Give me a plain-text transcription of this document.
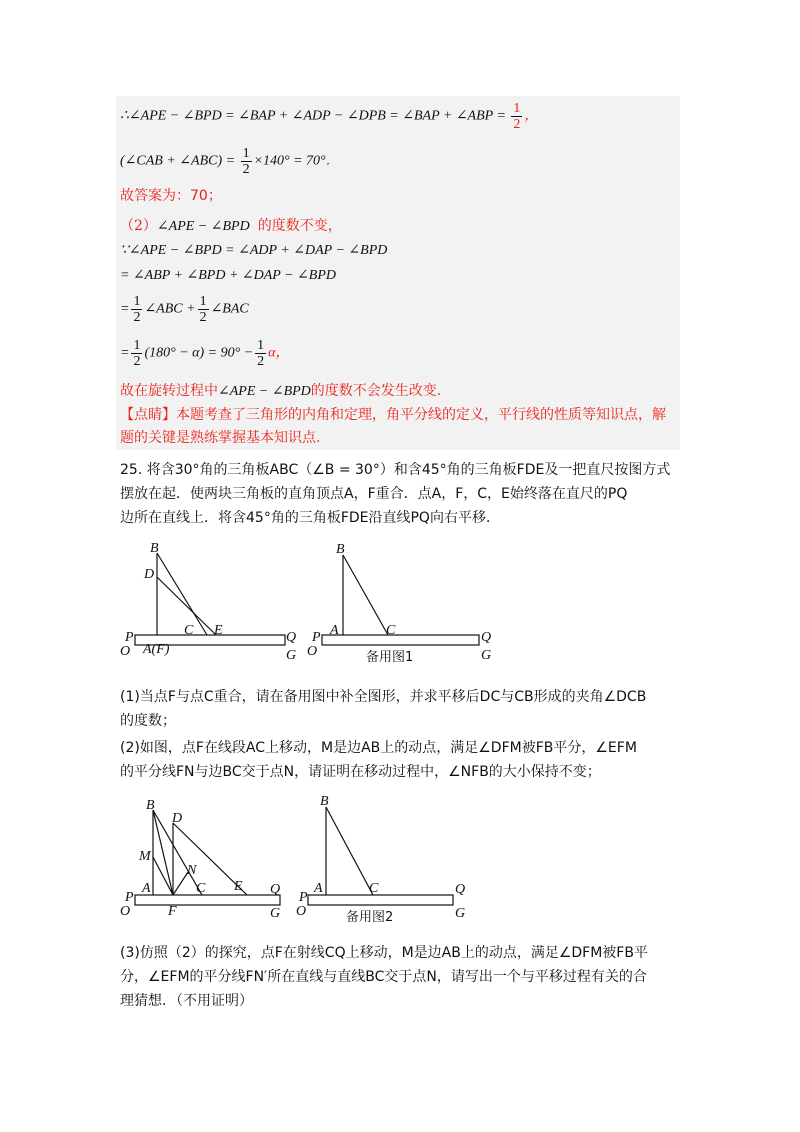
∴∠APE − ∠BPD = ∠BAP + ∠ADP − ∠DPB = ∠BAP + ∠ABP = $\frac{1}{2}$ ，
(∠CAB + ∠ABC) = $\frac{1}{2} \times 140^\circ = 70^\circ$．
故答案为：70；
（2）∠APE − ∠BPD 的度数不变，
∵∠APE − ∠BPD = ∠ADP + ∠DAP − ∠BPD
= ∠ABP + ∠BPD + ∠DAP − ∠BPD
= $\frac{1}{2}$ ∠ABC + $\frac{1}{2}$ ∠BAC
= $\frac{1}{2} (180^\circ - \alpha) = 90^\circ - \frac{1}{2}$ α，
故在旋转过程中∠APE − ∠BPD的度数不会发生改变.
【点睛】本题考查了三角形的内角和定理，角平分线的定义，平行线的性质等知识点，解
题的关键是熟练掌握基本知识点.
25. 将含30°角的三角板ABC（∠B = 30°）和含45°角的三角板FDE及一把直尺按图方式
摆放在起．使两块三角板的直角顶点A，F重合．点A，F，C，E始终落在直尺的PQ
边所在直线上．将含45°角的三角板FDE沿直线PQ向右平移．
B
D
C E
P	Q
O	G
A(F)
B
A	C
P	Q
O	G
备用图1
(1)当点F与点C重合，请在备用图中补全图形，并求平移后DC与CB形成的夹角∠DCB
的度数；
(2)如图，点F在线段AC上移动，M是边AB上的动点，满足∠DFM被FB平分，∠EFM
的平分线FN与边BC交于点N，请证明在移动过程中，∠NFB的大小保持不变；
B
D
M
N
A	C E
F
P
Q
O	G
B
A	C
P
Q
O	G
备用图2
(3)仿照（2）的探究，点F在射线CQ上移动，M是边AB上的动点，满足∠DFM被FB平
分，∠EFM的平分线FN′所在直线与直线BC交于点N，请写出一个与平移过程有关的合
理猜想．（不用证明）
